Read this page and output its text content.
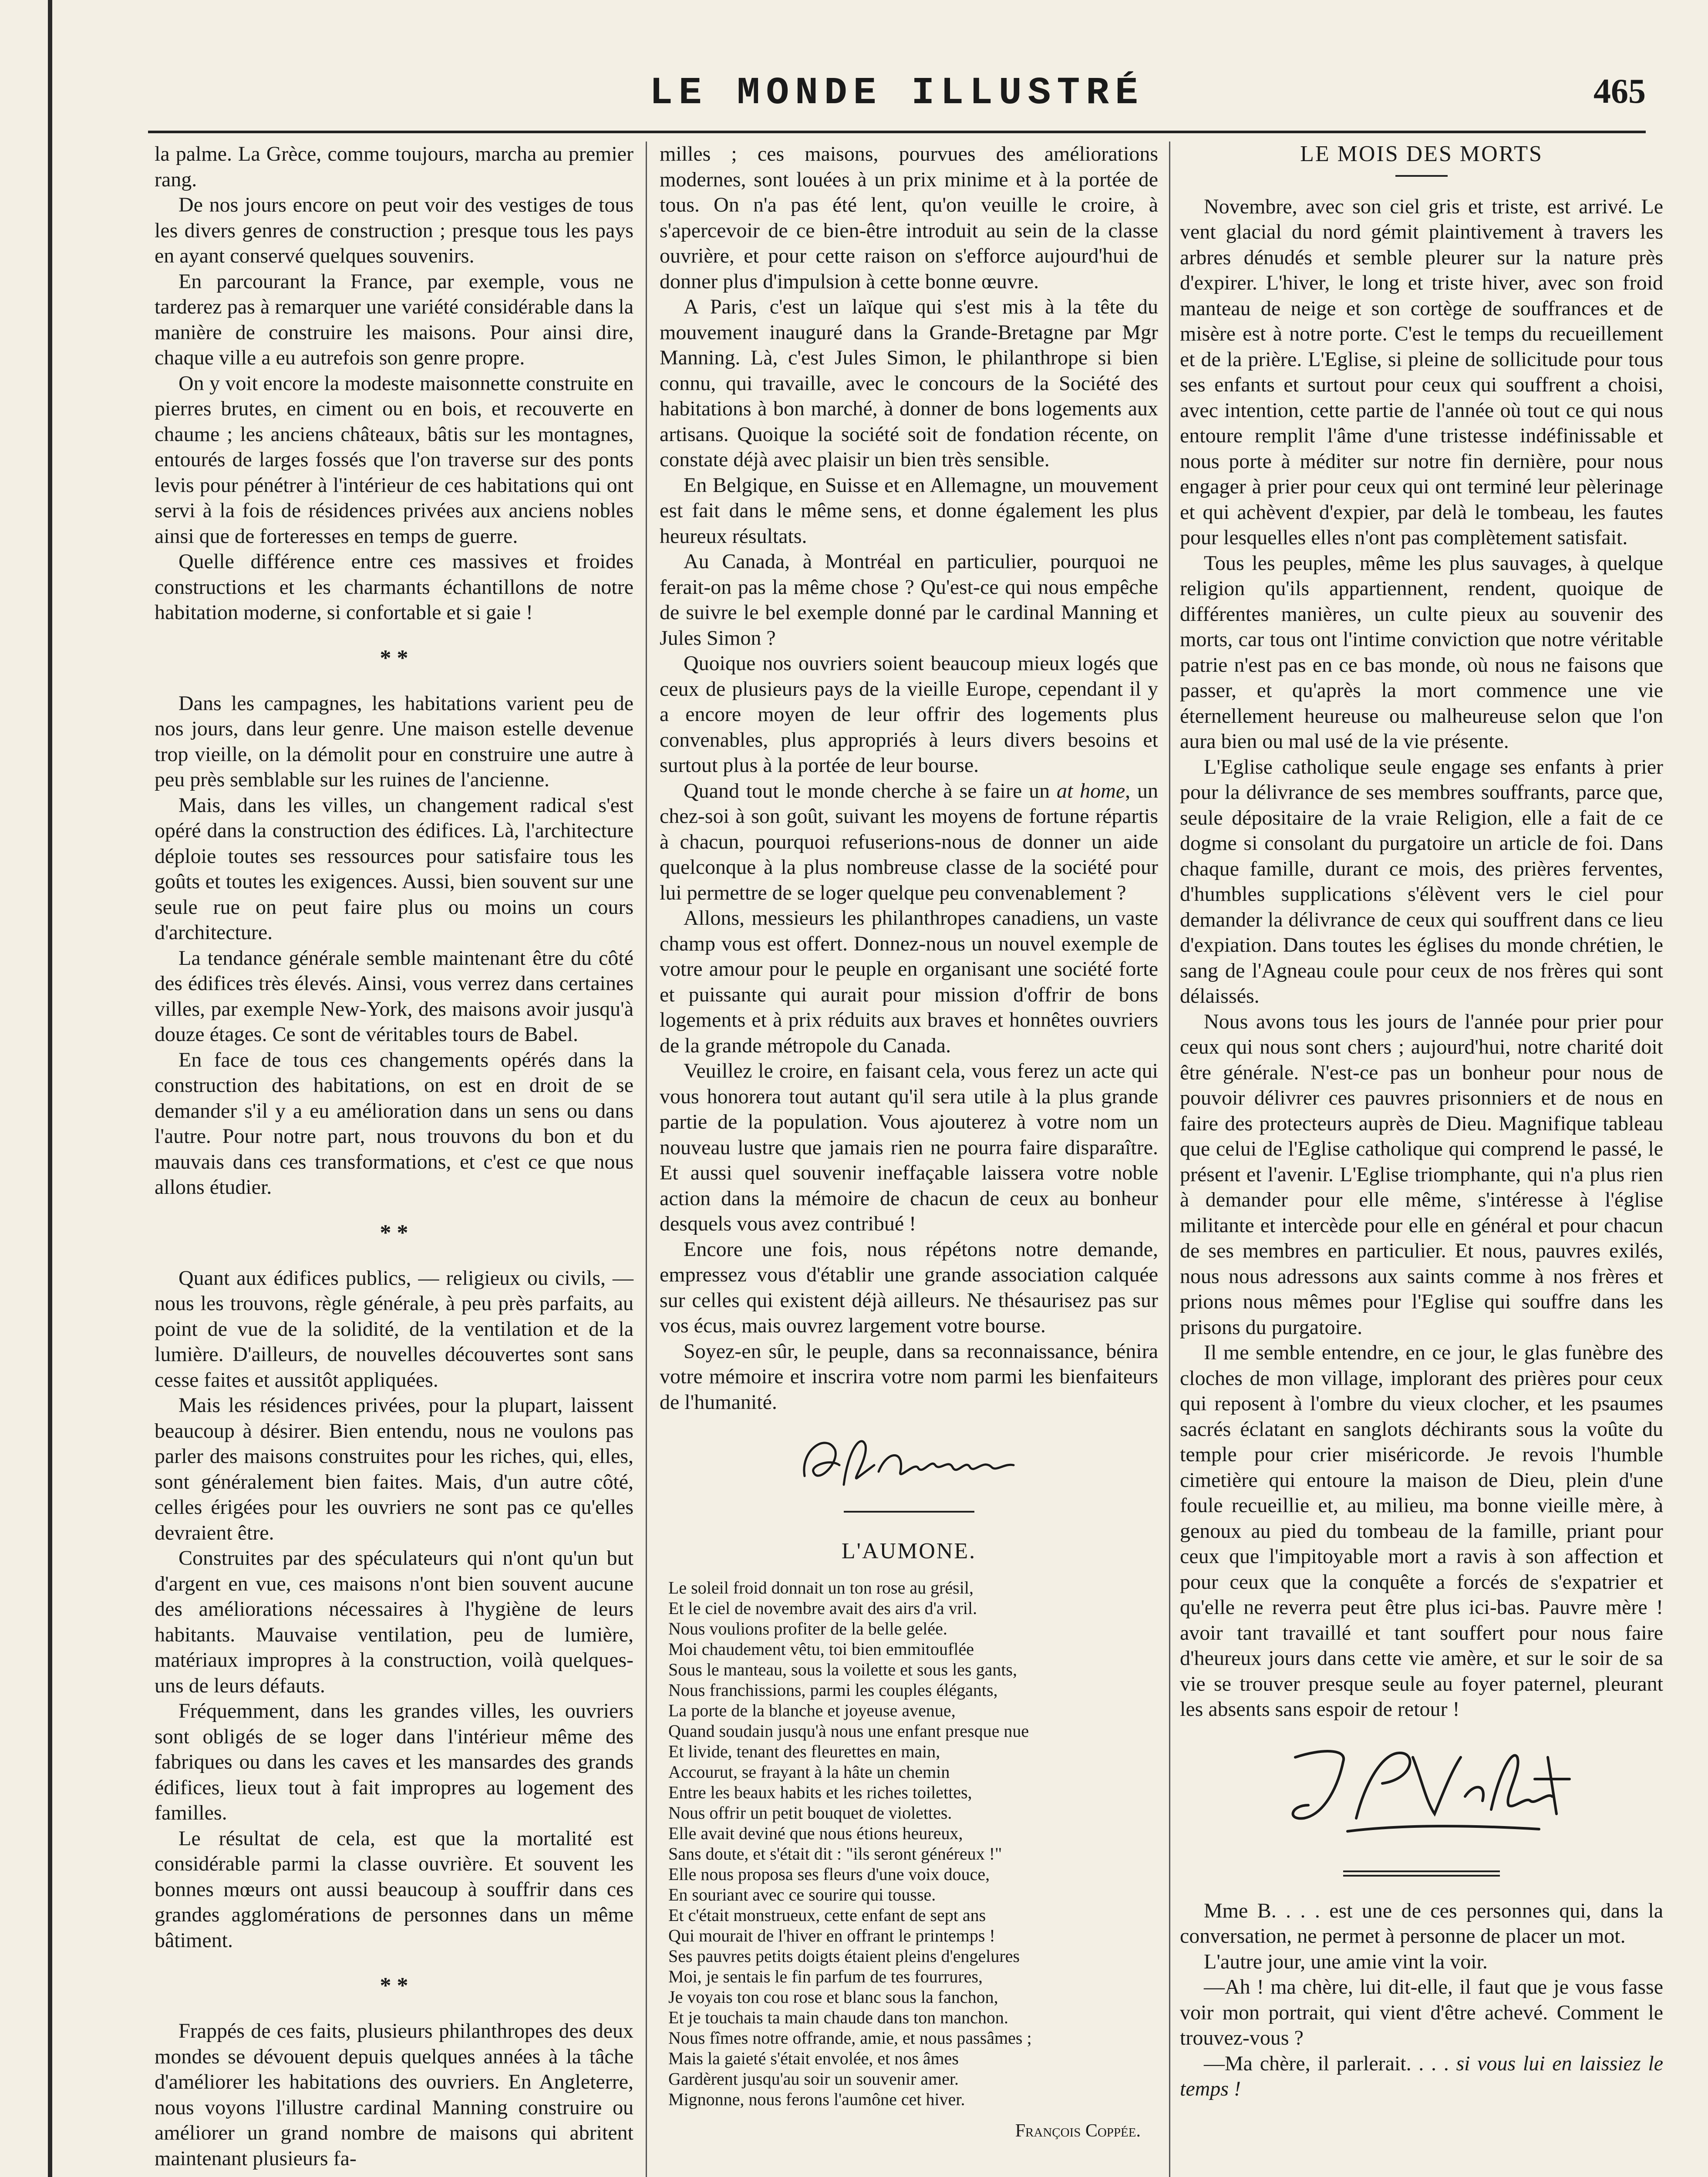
LE MONDE ILLUSTRÉ	465

la palme. La Grèce, comme toujours, marcha au premier rang.

De nos jours encore on peut voir des vestiges de tous les divers genres de construction ; presque tous les pays en ayant conservé quelques souvenirs.

En parcourant la France, par exemple, vous ne tarderez pas à remarquer une variété considérable dans la manière de construire les maisons. Pour ainsi dire, chaque ville a eu autrefois son genre propre.

On y voit encore la modeste maisonnette construite en pierres brutes, en ciment ou en bois, et recouverte en chaume ; les anciens châteaux, bâtis sur les montagnes, entourés de larges fossés que l'on traverse sur des ponts levis pour pénétrer à l'intérieur de ces habitations qui ont servi à la fois de résidences privées aux anciens nobles ainsi que de forteresses en temps de guerre.

Quelle différence entre ces massives et froides constructions et les charmants échantillons de notre habitation moderne, si confortable et si gaie !

* *

Dans les campagnes, les habitations varient peu de nos jours, dans leur genre. Une maison estelle devenue trop vieille, on la démolit pour en construire une autre à peu près semblable sur les ruines de l'ancienne.

Mais, dans les villes, un changement radical s'est opéré dans la construction des édifices. Là, l'architecture déploie toutes ses ressources pour satisfaire tous les goûts et toutes les exigences. Aussi, bien souvent sur une seule rue on peut faire plus ou moins un cours d'architecture.

La tendance générale semble maintenant être du côté des édifices très élevés. Ainsi, vous verrez dans certaines villes, par exemple New-York, des maisons avoir jusqu'à douze étages. Ce sont de véritables tours de Babel.

En face de tous ces changements opérés dans la construction des habitations, on est en droit de se demander s'il y a eu amélioration dans un sens ou dans l'autre. Pour notre part, nous trouvons du bon et du mauvais dans ces transformations, et c'est ce que nous allons étudier.

* *

Quant aux édifices publics, — religieux ou civils, —nous les trouvons, règle générale, à peu près parfaits, au point de vue de la solidité, de la ventilation et de la lumière. D'ailleurs, de nouvelles découvertes sont sans cesse faites et aussitôt appliquées.

Mais les résidences privées, pour la plupart, laissent beaucoup à désirer. Bien entendu, nous ne voulons pas parler des maisons construites pour les riches, qui, elles, sont généralement bien faites. Mais, d'un autre côté, celles érigées pour les ouvriers ne sont pas ce qu'elles devraient être.

Construites par des spéculateurs qui n'ont qu'un but d'argent en vue, ces maisons n'ont bien souvent aucune des améliorations nécessaires à l'hygiène de leurs habitants. Mauvaise ventilation, peu de lumière, matériaux impropres à la construction, voilà quelques-uns de leurs défauts.

Fréquemment, dans les grandes villes, les ouvriers sont obligés de se loger dans l'intérieur même des fabriques ou dans les caves et les mansardes des grands édifices, lieux tout à fait impropres au logement des familles.

Le résultat de cela, est que la mortalité est considérable parmi la classe ouvrière. Et souvent les bonnes mœurs ont aussi beaucoup à souffrir dans ces grandes agglomérations de personnes dans un même bâtiment.

* *

Frappés de ces faits, plusieurs philanthropes des deux mondes se dévouent depuis quelques années à la tâche d'améliorer les habitations des ouvriers. En Angleterre, nous voyons l'illustre cardinal Manning construire ou améliorer un grand nombre de maisons qui abritent maintenant plusieurs fa-

milles ; ces maisons, pourvues des améliorations modernes, sont louées à un prix minime et à la portée de tous. On n'a pas été lent, qu'on veuille le croire, à s'apercevoir de ce bien-être introduit au sein de la classe ouvrière, et pour cette raison on s'efforce aujourd'hui de donner plus d'impulsion à cette bonne œuvre.

A Paris, c'est un laïque qui s'est mis à la tête du mouvement inauguré dans la Grande-Bretagne par Mgr Manning. Là, c'est Jules Simon, le philanthrope si bien connu, qui travaille, avec le concours de la Société des habitations à bon marché, à donner de bons logements aux artisans. Quoique la société soit de fondation récente, on constate déjà avec plaisir un bien très sensible.

En Belgique, en Suisse et en Allemagne, un mouvement est fait dans le même sens, et donne également les plus heureux résultats.

Au Canada, à Montréal en particulier, pourquoi ne ferait-on pas la même chose ? Qu'est-ce qui nous empêche de suivre le bel exemple donné par le cardinal Manning et Jules Simon ?

Quoique nos ouvriers soient beaucoup mieux logés que ceux de plusieurs pays de la vieille Europe, cependant il y a encore moyen de leur offrir des logements plus convenables, plus appropriés à leurs divers besoins et surtout plus à la portée de leur bourse.

Quand tout le monde cherche à se faire un at home, un chez-soi à son goût, suivant les moyens de fortune répartis à chacun, pourquoi refuserions-nous de donner un aide quelconque à la plus nombreuse classe de la société pour lui permettre de se loger quelque peu convenablement ?

Allons, messieurs les philanthropes canadiens, un vaste champ vous est offert. Donnez-nous un nouvel exemple de votre amour pour le peuple en organisant une société forte et puissante qui aurait pour mission d'offrir de bons logements et à prix réduits aux braves et honnêtes ouvriers de la grande métropole du Canada.

Veuillez le croire, en faisant cela, vous ferez un acte qui vous honorera tout autant qu'il sera utile à la plus grande partie de la population. Vous ajouterez à votre nom un nouveau lustre que jamais rien ne pourra faire disparaître. Et aussi quel souvenir ineffaçable laissera votre noble action dans la mémoire de chacun de ceux au bonheur desquels vous avez contribué !

Encore une fois, nous répétons notre demande, empressez vous d'établir une grande association calquée sur celles qui existent déjà ailleurs. Ne thésaurisez pas sur vos écus, mais ouvrez largement votre bourse.

Soyez-en sûr, le peuple, dans sa reconnaissance, bénira votre mémoire et inscrira votre nom parmi les bienfaiteurs de l'humanité.

L'AUMONE.
Le soleil froid donnait un ton rose au grésil,
Et le ciel de novembre avait des airs d'a vril.
Nous voulions profiter de la belle gelée.
Moi chaudement vêtu, toi bien emmitouflée
Sous le manteau, sous la voilette et sous les gants,
Nous franchissions, parmi les couples élégants,
La porte de la blanche et joyeuse avenue,
Quand soudain jusqu'à nous une enfant presque nue
Et livide, tenant des fleurettes en main,
Accourut, se frayant à la hâte un chemin
Entre les beaux habits et les riches toilettes,
Nous offrir un petit bouquet de violettes.
Elle avait deviné que nous étions heureux,
Sans doute, et s'était dit : "ils seront généreux !"
Elle nous proposa ses fleurs d'une voix douce,
En souriant avec ce sourire qui tousse.
Et c'était monstrueux, cette enfant de sept ans
Qui mourait de l'hiver en offrant le printemps !
Ses pauvres petits doigts étaient pleins d'engelures
Moi, je sentais le fin parfum de tes fourrures,
Je voyais ton cou rose et blanc sous la fanchon,
Et je touchais ta main chaude dans ton manchon.
Nous fîmes notre offrande, amie, et nous passâmes ;
Mais la gaieté s'était envolée, et nos âmes
Gardèrent jusqu'au soir un souvenir amer.
Mignonne, nous ferons l'aumône cet hiver.
François Coppée.
LE MOIS DES MORTS

Novembre, avec son ciel gris et triste, est arrivé. Le vent glacial du nord gémit plaintivement à travers les arbres dénudés et semble pleurer sur la nature près d'expirer. L'hiver, le long et triste hiver, avec son froid manteau de neige et son cortège de souffrances et de misère est à notre porte. C'est le temps du recueillement et de la prière. L'Eglise, si pleine de sollicitude pour tous ses enfants et surtout pour ceux qui souffrent a choisi, avec intention, cette partie de l'année où tout ce qui nous entoure remplit l'âme d'une tristesse indéfinissable et nous porte à méditer sur notre fin dernière, pour nous engager à prier pour ceux qui ont terminé leur pèlerinage et qui achèvent d'expier, par delà le tombeau, les fautes pour lesquelles elles n'ont pas complètement satisfait.

Tous les peuples, même les plus sauvages, à quelque religion qu'ils appartiennent, rendent, quoique de différentes manières, un culte pieux au souvenir des morts, car tous ont l'intime conviction que notre véritable patrie n'est pas en ce bas monde, où nous ne faisons que passer, et qu'après la mort commence une vie éternellement heureuse ou malheureuse selon que l'on aura bien ou mal usé de la vie présente.

L'Eglise catholique seule engage ses enfants à prier pour la délivrance de ses membres souffrants, parce que, seule dépositaire de la vraie Religion, elle a fait de ce dogme si consolant du purgatoire un article de foi. Dans chaque famille, durant ce mois, des prières ferventes, d'humbles supplications s'élèvent vers le ciel pour demander la délivrance de ceux qui souffrent dans ce lieu d'expiation. Dans toutes les églises du monde chrétien, le sang de l'Agneau coule pour ceux de nos frères qui sont délaissés.

Nous avons tous les jours de l'année pour prier pour ceux qui nous sont chers ; aujourd'hui, notre charité doit être générale. N'est-ce pas un bonheur pour nous de pouvoir délivrer ces pauvres prisonniers et de nous en faire des protecteurs auprès de Dieu. Magnifique tableau que celui de l'Eglise catholique qui comprend le passé, le présent et l'avenir. L'Eglise triomphante, qui n'a plus rien à demander pour elle même, s'intéresse à l'église militante et intercède pour elle en général et pour chacun de ses membres en particulier. Et nous, pauvres exilés, nous nous adressons aux saints comme à nos frères et prions nous mêmes pour l'Eglise qui souffre dans les prisons du purgatoire.

Il me semble entendre, en ce jour, le glas funèbre des cloches de mon village, implorant des prières pour ceux qui reposent à l'ombre du vieux clocher, et les psaumes sacrés éclatant en sanglots déchirants sous la voûte du temple pour crier miséricorde. Je revois l'humble cimetière qui entoure la maison de Dieu, plein d'une foule recueillie et, au milieu, ma bonne vieille mère, à genoux au pied du tombeau de la famille, priant pour ceux que l'impitoyable mort a ravis à son affection et pour ceux que la conquête a forcés de s'expatrier et qu'elle ne reverra peut être plus ici-bas. Pauvre mère ! avoir tant travaillé et tant souffert pour nous faire d'heureux jours dans cette vie amère, et sur le soir de sa vie se trouver presque seule au foyer paternel, pleurant les absents sans espoir de retour !

Mme B. . . . est une de ces personnes qui, dans la conversation, ne permet à personne de placer un mot.

L'autre jour, une amie vint la voir.

—Ah ! ma chère, lui dit-elle, il faut que je vous fasse voir mon portrait, qui vient d'être achevé. Comment le trouvez-vous ?

—Ma chère, il parlerait. . . . si vous lui en laissiez le temps !
